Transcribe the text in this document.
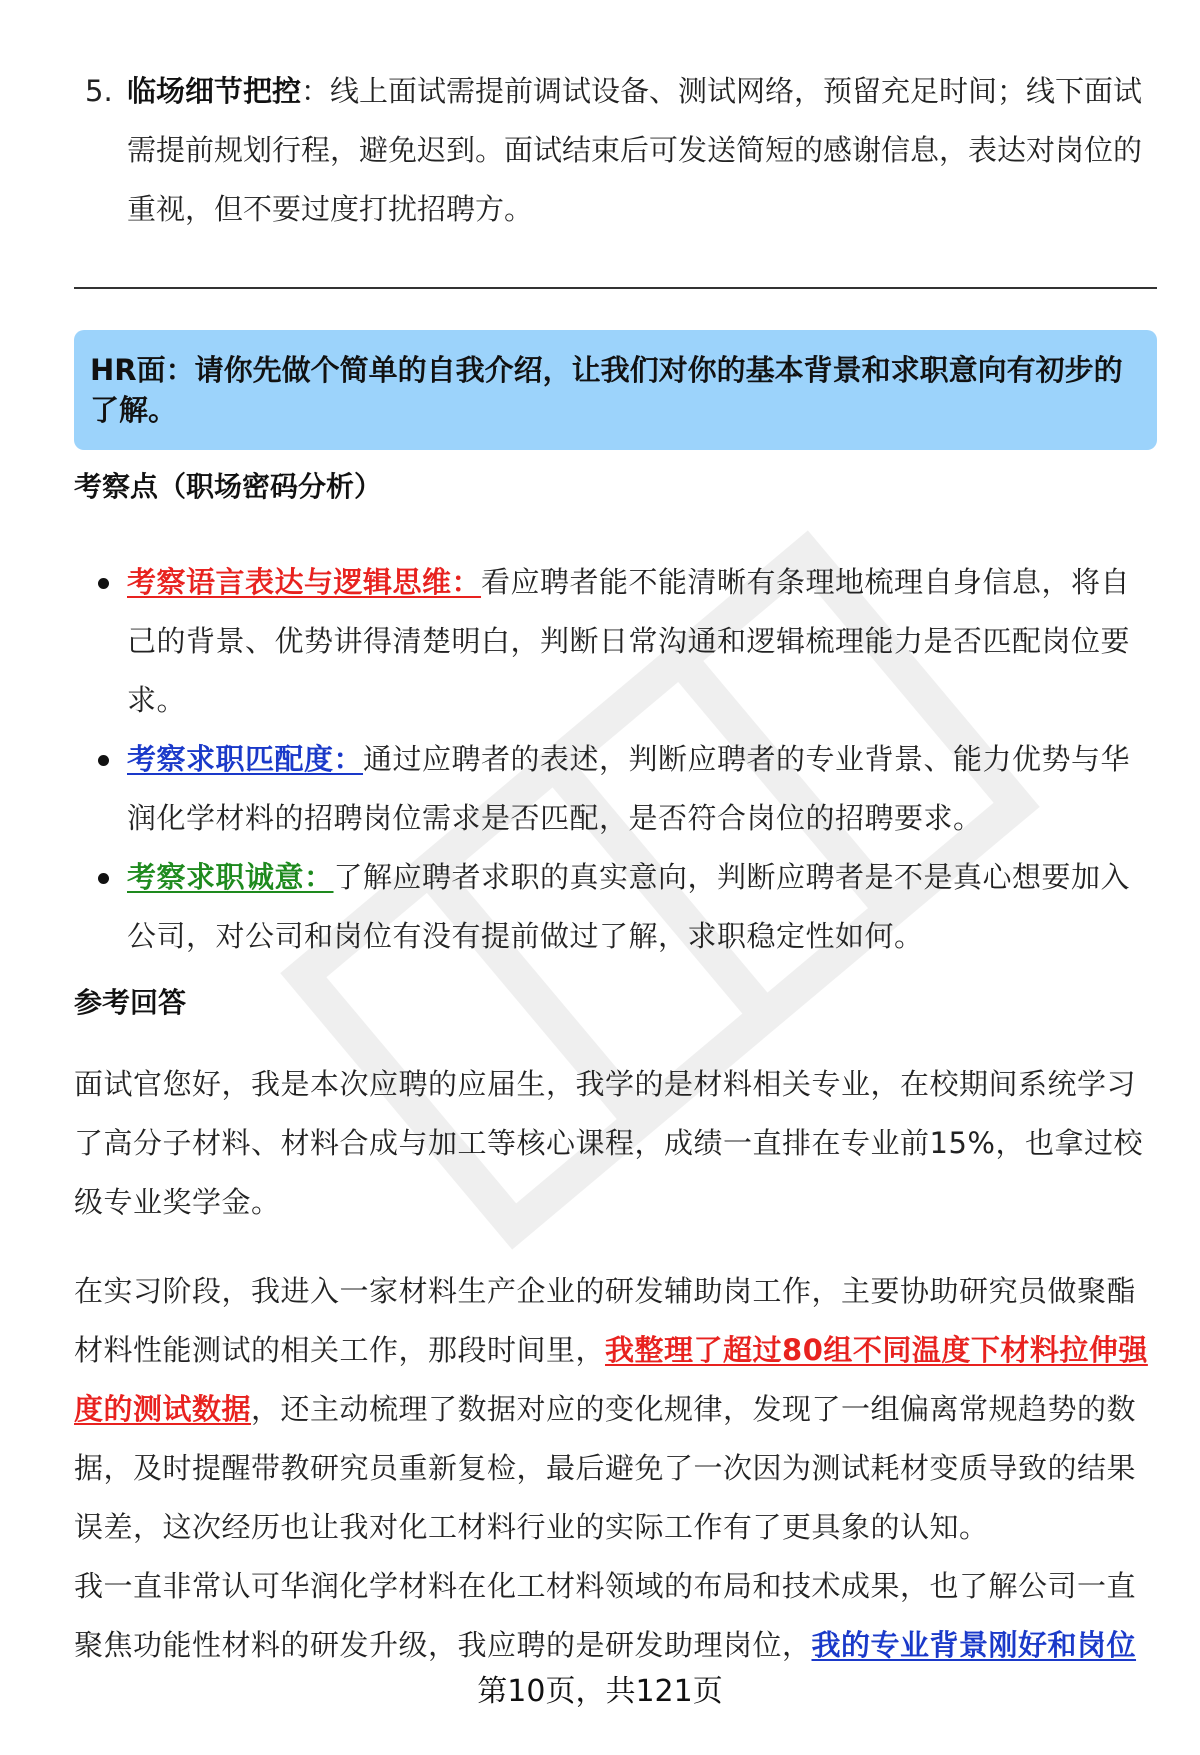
5. 临场细节把控：线上面试需提前调试设备、测试网络，预留充足时间；线下面试需提前规划行程，避免迟到。面试结束后可发送简短的感谢信息，表达对岗位的重视，但不要过度打扰招聘方。

HR面：请你先做个简单的自我介绍，让我们对你的基本背景和求职意向有初步的了解。

考察点（职场密码分析）
考察语言表达与逻辑思维：看应聘者能不能清晰有条理地梳理自身信息，将自己的背景、优势讲得清楚明白，判断日常沟通和逻辑梳理能力是否匹配岗位要求。
考察求职匹配度：通过应聘者的表述，判断应聘者的专业背景、能力优势与华润化学材料的招聘岗位需求是否匹配，是否符合岗位的招聘要求。
考察求职诚意：了解应聘者求职的真实意向，判断应聘者是不是真心想要加入公司，对公司和岗位有没有提前做过了解，求职稳定性如何。
参考回答

面试官您好，我是本次应聘的应届生，我学的是材料相关专业，在校期间系统学习了高分子材料、材料合成与加工等核心课程，成绩一直排在专业前15%，也拿过校级专业奖学金。

在实习阶段，我进入一家材料生产企业的研发辅助岗工作，主要协助研究员做聚酯材料性能测试的相关工作，那段时间里，我整理了超过80组不同温度下材料拉伸强度的测试数据，还主动梳理了数据对应的变化规律，发现了一组偏离常规趋势的数据，及时提醒带教研究员重新复检，最后避免了一次因为测试耗材变质导致的结果误差，这次经历也让我对化工材料行业的实际工作有了更具象的认知。

我一直非常认可华润化学材料在化工材料领域的布局和技术成果，也了解公司一直聚焦功能性材料的研发升级，我应聘的是研发助理岗位，我的专业背景刚好和岗位

第10页，共121页
